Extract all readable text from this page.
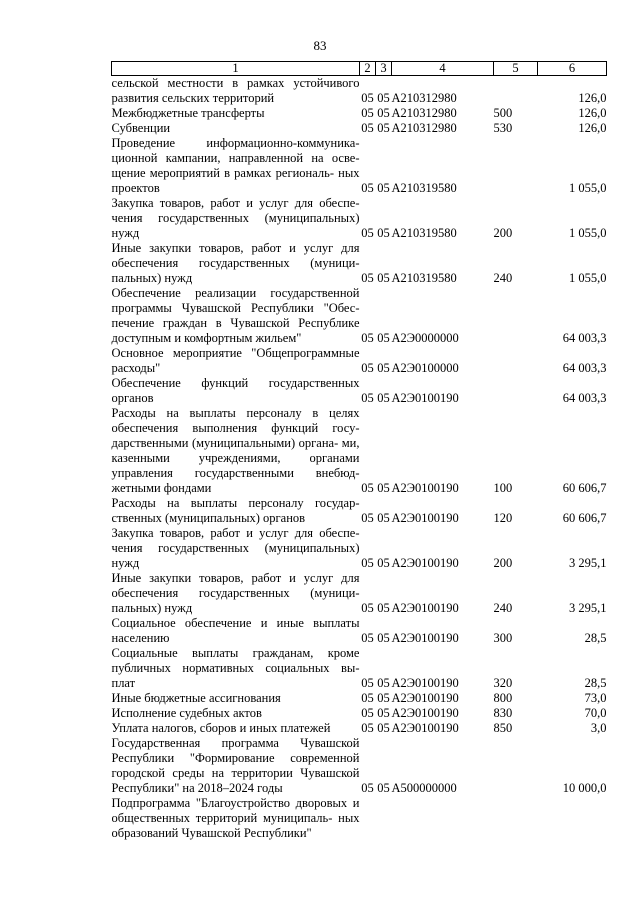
83
1	2	3	4	5	6
сельской местности в рамках устойчивого развития сельских территорий	05	05	A210312980		126,0
Межбюджетные трансферты	05	05	A210312980	500	126,0
Субвенции	05	05	A210312980	530	126,0
Проведение информационно-коммуника- ционной кампании, направленной на осве- щение мероприятий в рамках региональ- ных проектов	05	05	A210319580		1 055,0
Закупка товаров, работ и услуг для обеспе- чения государственных (муниципальных) нужд	05	05	A210319580	200	1 055,0
Иные закупки товаров, работ и услуг для обеспечения государственных (муници- пальных) нужд	05	05	A210319580	240	1 055,0
Обеспечение реализации государственной программы Чувашской Республики "Обес- печение граждан в Чувашской Республике доступным и комфортным жильем"	05	05	A2Э0000000		64 003,3
Основное мероприятие "Общепрограммные расходы"	05	05	A2Э0100000		64 003,3
Обеспечение функций государственных органов	05	05	A2Э0100190		64 003,3
Расходы на выплаты персоналу в целях обеспечения выполнения функций госу- дарственными (муниципальными) органа- ми, казенными учреждениями, органами управления государственными внебюд- жетными фондами	05	05	A2Э0100190	100	60 606,7
Расходы на выплаты персоналу государ- ственных (муниципальных) органов	05	05	A2Э0100190	120	60 606,7
Закупка товаров, работ и услуг для обеспе- чения государственных (муниципальных) нужд	05	05	A2Э0100190	200	3 295,1
Иные закупки товаров, работ и услуг для обеспечения государственных (муници- пальных) нужд	05	05	A2Э0100190	240	3 295,1
Социальное обеспечение и иные выплаты населению	05	05	A2Э0100190	300	28,5
Социальные выплаты гражданам, кроме публичных нормативных социальных вы- плат	05	05	A2Э0100190	320	28,5
Иные бюджетные ассигнования	05	05	A2Э0100190	800	73,0
Исполнение судебных актов	05	05	A2Э0100190	830	70,0
Уплата налогов, сборов и иных платежей	05	05	A2Э0100190	850	3,0
Государственная программа Чувашской Республики "Формирование современной городской среды на территории Чувашской Республики" на 2018–2024 годы	05	05	A500000000		10 000,0
Подпрограмма "Благоустройство дворовых и общественных территорий муниципаль- ных образований Чувашской Республики"					
